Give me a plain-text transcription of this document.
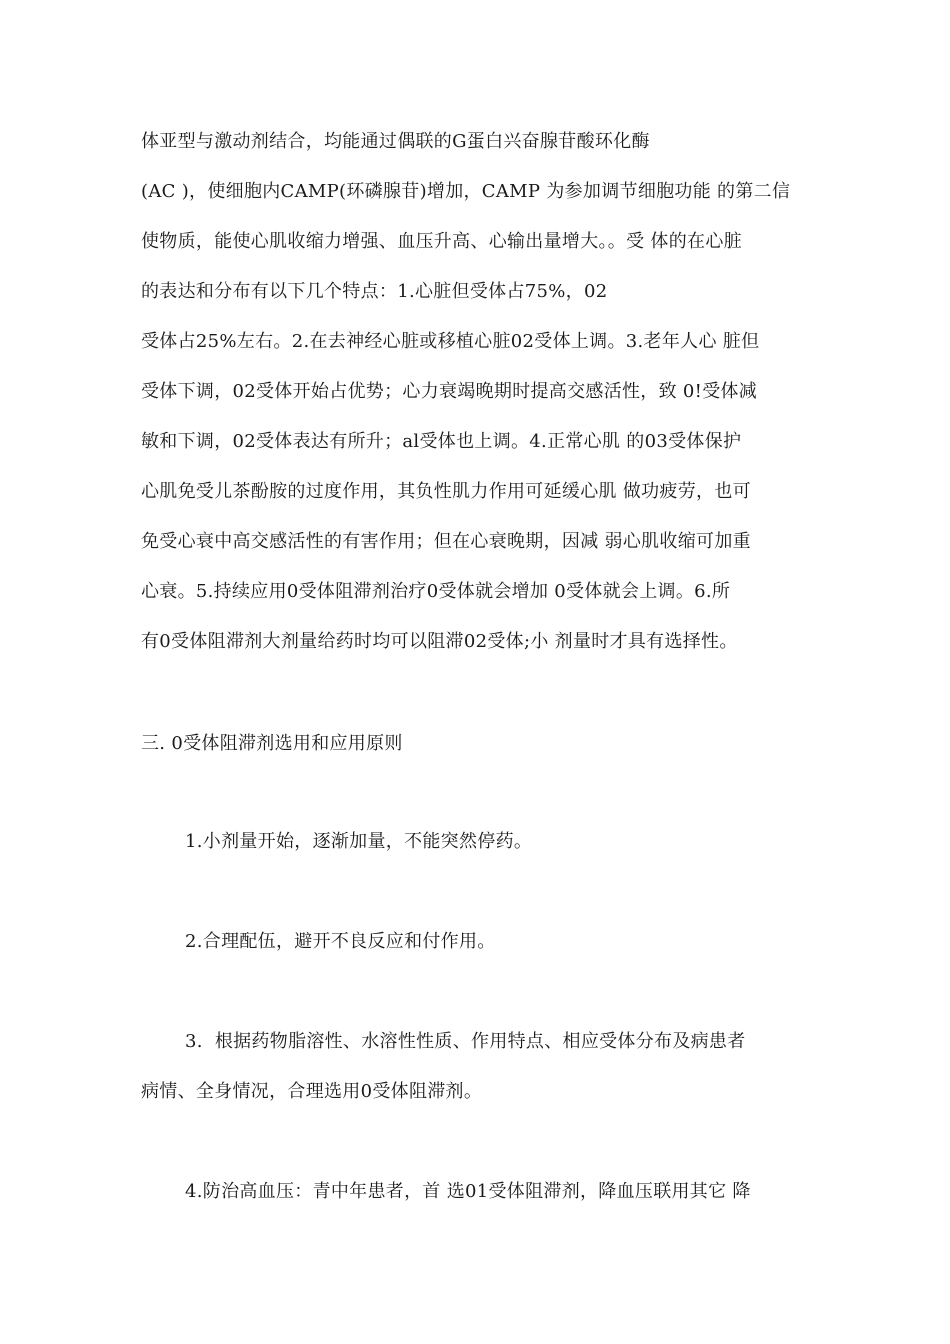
体亚型与激动剂结合，均能通过偶联的G蛋白兴奋腺苷酸环化酶
(AC )，使细胞内CAMP(环磷腺苷)增加，CAMP 为参加调节细胞功能 的第二信
使物质，能使心肌收缩力增强、血压升高、心输出量增大。。受 体的在心脏
的表达和分布有以下几个特点：1.心脏但受体占75%，02
受体占25%左右。2.在去神经心脏或移植心脏02受体上调。3.老年人心 脏但
受体下调，02受体开始占优势；心力衰竭晚期时提高交感活性，致 0!受体减
敏和下调，02受体表达有所升；al受体也上调。4.正常心肌 的03受体保护
心肌免受儿茶酚胺的过度作用，其负性肌力作用可延缓心肌 做功疲劳，也可
免受心衰中高交感活性的有害作用；但在心衰晚期，因减 弱心肌收缩可加重
心衰。5.持续应用0受体阻滞剂治疗0受体就会增加 0受体就会上调。6.所
有0受体阻滞剂大剂量给药时均可以阻滞02受体;小 剂量时才具有选择性。
三. 0受体阻滞剂选用和应用原则
1.小剂量开始，逐渐加量，不能突然停药。
2.合理配伍，避开不良反应和付作用。
3.  根据药物脂溶性、水溶性性质、作用特点、相应受体分布及病患者
病情、全身情况，合理选用0受体阻滞剂。
4.防治高血压：青中年患者，首 选01受体阻滞剂，降血压联用其它 降
